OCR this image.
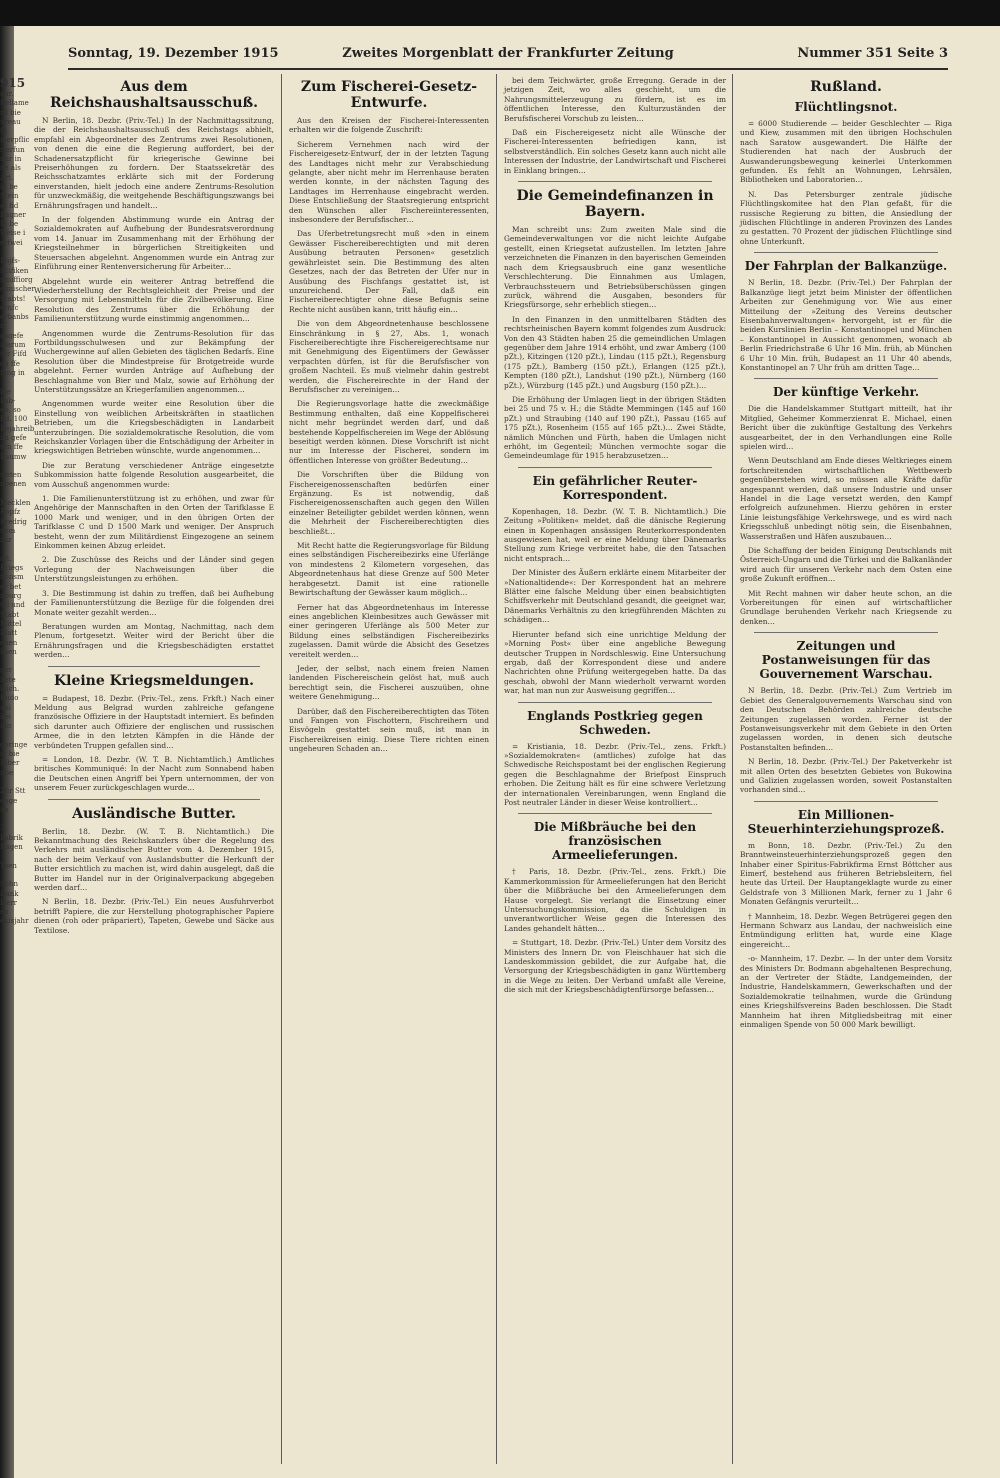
915
ahr.
Bellame
rd bie
ureau fü
merpflic
r erfun
nur in
ne als
Art.
iß be
Stein
et fid
Bagner
In be
Weise i
erfwei

Bojfs-
ficifiken
nmiffiorg
eimischer
Stabts!
ernfc
erbanbs
r gsgefe
ibarum
ter Fifd
en ffe
fang in

bie Fab-
eb, so
Fd. 100
Bejahreib
im gefe
ten ffe
Baumw

sieten
nbenen

Mecklen
Ropfz
Fredrig
nem zur

aft.
Kriegs
fionsm
er bet
uburg
tel und
Stabt
Mittel
Blatt
enen
bsen

ger
hete
leich.
Rudo
ahi
bei
idn

geringe
ie bie
Biber
nbe

Zür Stt
enge be

3 Fabrik
Ragen

Teen

Sohn
Dank
Herr
en
ekisjahr
Sonntag, 19. Dezember 1915	Zweites Morgenblatt der Frankfurter Zeitung	Nummer 351 Seite 3
Aus dem Reichshaushaltsausschuß.

N Berlin, 18. Dezbr. (Priv.-Tel.) In der Nachmittagssitzung, die der Reichshaushaltsausschuß des Reichstags abhielt, empfahl ein Abgeordneter des Zentrums zwei Resolutionen, von denen die eine die Regierung auffordert, bei der Schadenersatzpflicht für kriegerische Gewinne bei Preiserhöhungen zu fordern. Der Staatssekretär des Reichsschatzamtes erklärte sich mit der Forderung einverstanden, hielt jedoch eine andere Zentrums-Resolution für unzweckmäßig, die weitgehende Beschäftigungszwangs bei Ernährungsfragen und handelt…

In der folgenden Abstimmung wurde ein Antrag der Sozialdemokraten auf Aufhebung der Bundesratsverordnung vom 14. Januar im Zusammenhang mit der Erhöhung der Kriegsteilnehmer in bürgerlichen Streitigkeiten und Steuersachen abgelehnt. Angenommen wurde ein Antrag zur Einführung einer Rentenversicherung für Arbeiter…

Abgelehnt wurde ein weiterer Antrag betreffend die Wiederherstellung der Rechtsgleichheit der Preise und der Versorgung mit Lebensmitteln für die Zivilbevölkerung. Eine Resolution des Zentrums über die Erhöhung der Familienunterstützung wurde einstimmig angenommen…

Angenommen wurde die Zentrums-Resolution für das Fortbildungsschulwesen und zur Bekämpfung der Wuchergewinne auf allen Gebieten des täglichen Bedarfs. Eine Resolution über die Mindestpreise für Brotgetreide wurde abgelehnt. Ferner wurden Anträge auf Aufhebung der Beschlagnahme von Bier und Malz, sowie auf Erhöhung der Unterstützungssätze an Kriegerfamilien angenommen…

Angenommen wurde weiter eine Resolution über die Einstellung von weiblichen Arbeitskräften in staatlichen Betrieben, um die Kriegsbeschädigten in Landarbeit unterzubringen. Die sozialdemokratische Resolution, die vom Reichskanzler Vorlagen über die Entschädigung der Arbeiter in kriegswichtigen Betrieben wünschte, wurde angenommen…

Die zur Beratung verschiedener Anträge eingesetzte Subkommission hatte folgende Resolution ausgearbeitet, die vom Ausschuß angenommen wurde:

1. Die Familienunterstützung ist zu erhöhen, und zwar für Angehörige der Mannschaften in den Orten der Tarifklasse E 1000 Mark und weniger, und in den übrigen Orten der Tarifklasse C und D 1500 Mark und weniger. Der Anspruch besteht, wenn der zum Militärdienst Eingezogene an seinem Einkommen keinen Abzug erleidet.

2. Die Zuschüsse des Reichs und der Länder sind gegen Vorlegung der Nachweisungen über die Unterstützungsleistungen zu erhöhen.

3. Die Bestimmung ist dahin zu treffen, daß bei Aufhebung der Familienunterstützung die Bezüge für die folgenden drei Monate weiter gezahlt werden…

Beratungen wurden am Montag, Nachmittag, nach dem Plenum, fortgesetzt. Weiter wird der Bericht über die Ernährungsfragen und die Kriegsbeschädigten erstattet werden…

Kleine Kriegsmeldungen.

= Budapest, 18. Dezbr. (Priv.-Tel., zens. Frkft.) Nach einer Meldung aus Belgrad wurden zahlreiche gefangene französische Offiziere in der Hauptstadt interniert. Es befinden sich darunter auch Offiziere der englischen und russischen Armee, die in den letzten Kämpfen in die Hände der verbündeten Truppen gefallen sind…

= London, 18. Dezbr. (W. T. B. Nichtamtlich.) Amtliches britisches Kommuniqué: In der Nacht zum Sonnabend haben die Deutschen einen Angriff bei Ypern unternommen, der von unserem Feuer zurückgeschlagen wurde…

Ausländische Butter.

Berlin, 18. Dezbr. (W. T. B. Nichtamtlich.) Die Bekanntmachung des Reichskanzlers über die Regelung des Verkehrs mit ausländischer Butter vom 4. Dezember 1915, nach der beim Verkauf von Auslandsbutter die Herkunft der Butter ersichtlich zu machen ist, wird dahin ausgelegt, daß die Butter im Handel nur in der Originalverpackung abgegeben werden darf…

N Berlin, 18. Dezbr. (Priv.-Tel.) Ein neues Ausfuhrverbot betrifft Papiere, die zur Herstellung photographischer Papiere dienen (roh oder präpariert), Tapeten, Gewebe und Säcke aus Textilose.

Zum Fischerei-Gesetz-Entwurfe.

Aus den Kreisen der Fischerei-Interessenten erhalten wir die folgende Zuschrift:

Sicherem Vernehmen nach wird der Fischereigesetz-Entwurf, der in der letzten Tagung des Landtages nicht mehr zur Verabschiedung gelangte, aber nicht mehr im Herrenhause beraten werden konnte, in der nächsten Tagung des Landtages im Herrenhause eingebracht werden. Diese Entschließung der Staatsregierung entspricht den Wünschen aller Fischereiinteressenten, insbesondere der Berufsfischer…

Das Uferbetretungsrecht muß »den in einem Gewässer Fischereiberechtigten und mit deren Ausübung betrauten Personen« gesetzlich gewährleistet sein. Die Bestimmung des alten Gesetzes, nach der das Betreten der Ufer nur in Ausübung des Fischfangs gestattet ist, ist unzureichend. Der Fall, daß ein Fischereiberechtigter ohne diese Befugnis seine Rechte nicht ausüben kann, tritt häufig ein…

Die von dem Abgeordnetenhause beschlossene Einschränkung in § 27, Abs. 1, wonach Fischereiberechtigte ihre Fischereigerechtsame nur mit Genehmigung des Eigentümers der Gewässer verpachten dürfen, ist für die Berufsfischer von großem Nachteil. Es muß vielmehr dahin gestrebt werden, die Fischereirechte in der Hand der Berufsfischer zu vereinigen…

Die Regierungsvorlage hatte die zweckmäßige Bestimmung enthalten, daß eine Koppelfischerei nicht mehr begründet werden darf, und daß bestehende Koppelfischereien im Wege der Ablösung beseitigt werden können. Diese Vorschrift ist nicht nur im Interesse der Fischerei, sondern im öffentlichen Interesse von größter Bedeutung…

Die Vorschriften über die Bildung von Fischereigenossenschaften bedürfen einer Ergänzung. Es ist notwendig, daß Fischereigenossenschaften auch gegen den Willen einzelner Beteiligter gebildet werden können, wenn die Mehrheit der Fischereiberechtigten dies beschließt…

Mit Recht hatte die Regierungsvorlage für Bildung eines selbständigen Fischereibezirks eine Uferlänge von mindestens 2 Kilometern vorgesehen, das Abgeordnetenhaus hat diese Grenze auf 500 Meter herabgesetzt. Damit ist eine rationelle Bewirtschaftung der Gewässer kaum möglich…

Ferner hat das Abgeordnetenhaus im Interesse eines angeblichen Kleinbesitzes auch Gewässer mit einer geringeren Uferlänge als 500 Meter zur Bildung eines selbständigen Fischereibezirks zugelassen. Damit würde die Absicht des Gesetzes vereitelt werden…

Jeder, der selbst, nach einem freien Namen landenden Fischereischein gelöst hat, muß auch berechtigt sein, die Fischerei auszuüben, ohne weitere Genehmigung…

Darüber, daß den Fischereiberechtigten das Töten und Fangen von Fischottern, Fischreihern und Eisvögeln gestattet sein muß, ist man in Fischereikreisen einig. Diese Tiere richten einen ungeheuren Schaden an…

bei dem Teichwärter, große Erregung. Gerade in der jetzigen Zeit, wo alles geschieht, um die Nahrungsmittelerzeugung zu fördern, ist es im öffentlichen Interesse, den Kulturzuständen der Berufsfischerei Vorschub zu leisten…

Daß ein Fischereigesetz nicht alle Wünsche der Fischerei-Interessenten befriedigen kann, ist selbstverständlich. Ein solches Gesetz kann auch nicht alle Interessen der Industrie, der Landwirtschaft und Fischerei in Einklang bringen…

Die Gemeindefinanzen in Bayern.

Man schreibt uns: Zum zweiten Male sind die Gemeindeverwaltungen vor die nicht leichte Aufgabe gestellt, einen Kriegsetat aufzustellen. Im letzten Jahre verzeichneten die Finanzen in den bayerischen Gemeinden nach dem Kriegsausbruch eine ganz wesentliche Verschlechterung. Die Einnahmen aus Umlagen, Verbrauchssteuern und Betriebsüberschüssen gingen zurück, während die Ausgaben, besonders für Kriegsfürsorge, sehr erheblich stiegen…

In den Finanzen in den unmittelbaren Städten des rechtsrheinischen Bayern kommt folgendes zum Ausdruck: Von den 43 Städten haben 25 die gemeindlichen Umlagen gegenüber dem Jahre 1914 erhöht, und zwar Amberg (100 pZt.), Kitzingen (120 pZt.), Lindau (115 pZt.), Regensburg (175 pZt.), Bamberg (150 pZt.), Erlangen (125 pZt.), Kempten (180 pZt.), Landshut (190 pZt.), Nürnberg (160 pZt.), Würzburg (145 pZt.) und Augsburg (150 pZt.)…

Die Erhöhung der Umlagen liegt in der übrigen Städten bei 25 und 75 v. H.; die Städte Memmingen (145 auf 160 pZt.) und Straubing (140 auf 190 pZt.), Passau (165 auf 175 pZt.), Rosenheim (155 auf 165 pZt.)… Zwei Städte, nämlich München und Fürth, haben die Umlagen nicht erhöht, im Gegenteil; München vermochte sogar die Gemeindeumlage für 1915 herabzusetzen…

Ein gefährlicher Reuter-Korrespondent.

Kopenhagen, 18. Dezbr. (W. T. B. Nichtamtlich.) Die Zeitung »Politiken« meldet, daß die dänische Regierung einen in Kopenhagen ansässigen Reuterkorrespondenten ausgewiesen hat, weil er eine Meldung über Dänemarks Stellung zum Kriege verbreitet habe, die den Tatsachen nicht entsprach…

Der Minister des Äußern erklärte einem Mitarbeiter der »Nationaltidende«: Der Korrespondent hat an mehrere Blätter eine falsche Meldung über einen beabsichtigten Schiffsverkehr mit Deutschland gesandt, die geeignet war, Dänemarks Verhältnis zu den kriegführenden Mächten zu schädigen…

Hierunter befand sich eine unrichtige Meldung der »Morning Post« über eine angebliche Bewegung deutscher Truppen in Nordschleswig. Eine Untersuchung ergab, daß der Korrespondent diese und andere Nachrichten ohne Prüfung weitergegeben hatte. Da das geschah, obwohl der Mann wiederholt verwarnt worden war, hat man nun zur Ausweisung gegriffen…

Englands Postkrieg gegen Schweden.

= Kristiania, 18. Dezbr. (Priv.-Tel., zens. Frkft.) »Sozialdemokraten« (amtliches) zufolge hat das Schwedische Reichspostamt bei der englischen Regierung gegen die Beschlagnahme der Briefpost Einspruch erhoben. Die Zeitung hält es für eine schwere Verletzung der internationalen Vereinbarungen, wenn England die Post neutraler Länder in dieser Weise kontrolliert…

Die Mißbräuche bei den französischen Armeelieferungen.

† Paris, 18. Dezbr. (Priv.-Tel., zens. Frkft.) Die Kammerkommission für Armeelieferungen hat den Bericht über die Mißbräuche bei den Armeelieferungen dem Hause vorgelegt. Sie verlangt die Einsetzung einer Untersuchungskommission, da die Schuldigen in unverantwortlicher Weise gegen die Interessen des Landes gehandelt hätten…

= Stuttgart, 18. Dezbr. (Priv.-Tel.) Unter dem Vorsitz des Ministers des Innern Dr. von Fleischhauer hat sich die Landeskommission gebildet, die zur Aufgabe hat, die Versorgung der Kriegsbeschädigten in ganz Württemberg in die Wege zu leiten. Der Verband umfaßt alle Vereine, die sich mit der Kriegsbeschädigtenfürsorge befassen…

Rußland.
Flüchtlingsnot.

= 6000 Studierende — beider Geschlechter — Riga und Kiew, zusammen mit den übrigen Hochschulen nach Saratow ausgewandert. Die Hälfte der Studierenden hat nach der Ausbruch der Auswanderungsbewegung keinerlei Unterkommen gefunden. Es fehlt an Wohnungen, Lehrsälen, Bibliotheken und Laboratorien…

N. Das Petersburger zentrale jüdische Flüchtlingskomitee hat den Plan gefaßt, für die russische Regierung zu bitten, die Ansiedlung der jüdischen Flüchtlinge in anderen Provinzen des Landes zu gestatten. 70 Prozent der jüdischen Flüchtlinge sind ohne Unterkunft.

Der Fahrplan der Balkanzüge.

N Berlin, 18. Dezbr. (Priv.-Tel.) Der Fahrplan der Balkanzüge liegt jetzt beim Minister der öffentlichen Arbeiten zur Genehmigung vor. Wie aus einer Mitteilung der »Zeitung des Vereins deutscher Eisenbahnverwaltungen« hervorgeht, ist er für die beiden Kurslinien Berlin – Konstantinopel und München – Konstantinopel in Aussicht genommen, wonach ab Berlin Friedrichstraße 6 Uhr 16 Min. früh, ab München 6 Uhr 10 Min. früh, Budapest an 11 Uhr 40 abends, Konstantinopel an 7 Uhr früh am dritten Tage…

Der künftige Verkehr.

Die die Handelskammer Stuttgart mitteilt, hat ihr Mitglied, Geheimer Kommerzienrat E. Michael, einen Bericht über die zukünftige Gestaltung des Verkehrs ausgearbeitet, der in den Verhandlungen eine Rolle spielen wird…

Wenn Deutschland am Ende dieses Weltkrieges einem fortschreitenden wirtschaftlichen Wettbewerb gegenüberstehen wird, so müssen alle Kräfte dafür angespannt werden, daß unsere Industrie und unser Handel in die Lage versetzt werden, den Kampf erfolgreich aufzunehmen. Hierzu gehören in erster Linie leistungsfähige Verkehrswege, und es wird nach Kriegsschluß unbedingt nötig sein, die Eisenbahnen, Wasserstraßen und Häfen auszubauen…

Die Schaffung der beiden Einigung Deutschlands mit Österreich-Ungarn und die Türkei und die Balkanländer wird auch für unseren Verkehr nach dem Osten eine große Zukunft eröffnen…

Mit Recht mahnen wir daher heute schon, an die Vorbereitungen für einen auf wirtschaftlicher Grundlage beruhenden Verkehr nach Kriegsende zu denken…

Zeitungen und Postanweisungen für das Gouvernement Warschau.

N Berlin, 18. Dezbr. (Priv.-Tel.) Zum Vertrieb im Gebiet des Generalgouvernements Warschau sind von den Deutschen Behörden zahlreiche deutsche Zeitungen zugelassen worden. Ferner ist der Postanweisungsverkehr mit dem Gebiete in den Orten zugelassen worden, in denen sich deutsche Postanstalten befinden…

N Berlin, 18. Dezbr. (Priv.-Tel.) Der Paketverkehr ist mit allen Orten des besetzten Gebietes von Bukowina und Galizien zugelassen worden, soweit Postanstalten vorhanden sind…

Ein Millionen-Steuerhinterziehungsprozeß.

m Bonn, 18. Dezbr. (Priv.-Tel.) Zu den Branntweinsteuerhinterziehungsprozeß gegen den Inhaber einer Spiritus-Fabrikfirma Ernst Böttcher aus Eimerf, bestehend aus früheren Betriebsleitern, fiel heute das Urteil. Der Hauptangeklagte wurde zu einer Geldstrafe von 3 Millionen Mark, ferner zu 1 Jahr 6 Monaten Gefängnis verurteilt…

† Mannheim, 18. Dezbr. Wegen Betrügerei gegen den Hermann Schwarz aus Landau, der nachweislich eine Entmündigung erlitten hat, wurde eine Klage eingereicht…

-o- Mannheim, 17. Dezbr. — In der unter dem Vorsitz des Ministers Dr. Bodmann abgehaltenen Besprechung, an der Vertreter der Städte, Landgemeinden, der Industrie, Handelskammern, Gewerkschaften und der Sozialdemokratie teilnahmen, wurde die Gründung eines Kriegshilfsvereins Baden beschlossen. Die Stadt Mannheim hat ihren Mitgliedsbeitrag mit einer einmaligen Spende von 50 000 Mark bewilligt.
